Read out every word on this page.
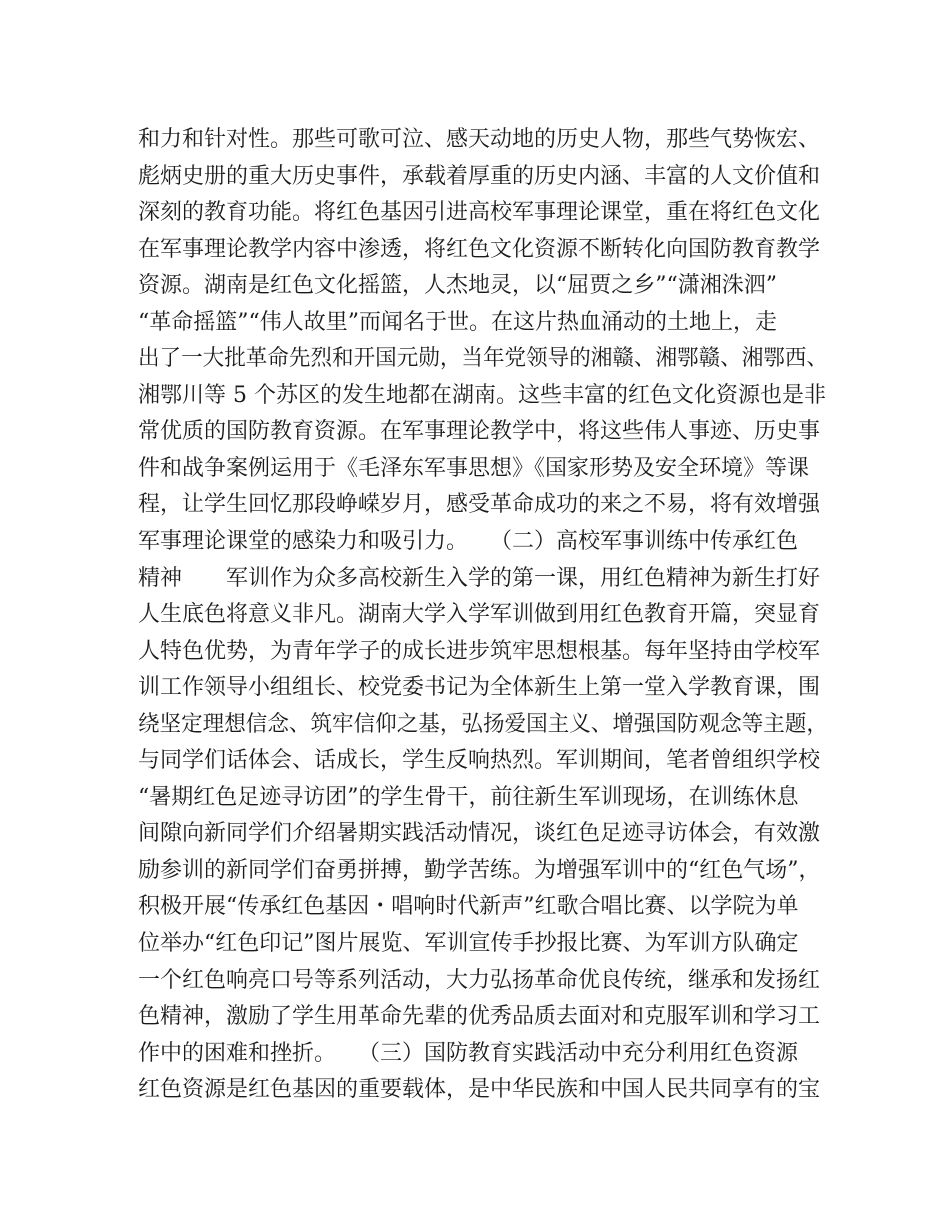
和力和针对性。那些可歌可泣、感天动地的历史人物，那些气势恢宏、
彪炳史册的重大历史事件，承载着厚重的历史内涵、丰富的人文价值和
深刻的教育功能。将红色基因引进高校军事理论课堂，重在将红色文化
在军事理论教学内容中渗透，将红色文化资源不断转化向国防教育教学
资源。湖南是红色文化摇篮，人杰地灵，以“屈贾之乡”“潇湘洙泗”
“革命摇篮”“伟人故里”而闻名于世。在这片热血涌动的土地上，走
出了一大批革命先烈和开国元勋，当年党领导的湘赣、湘鄂赣、湘鄂西、
湘鄂川等 5 个苏区的发生地都在湖南。这些丰富的红色文化资源也是非
常优质的国防教育资源。在军事理论教学中，将这些伟人事迹、历史事
件和战争案例运用于《毛泽东军事思想》《国家形势及安全环境》等课
程，让学生回忆那段峥嵘岁月，感受革命成功的来之不易，将有效增强
军事理论课堂的感染力和吸引力。　　（二）高校军事训练中传承红色
精神　　军训作为众多高校新生入学的第一课，用红色精神为新生打好
人生底色将意义非凡。湖南大学入学军训做到用红色教育开篇，突显育
人特色优势，为青年学子的成长进步筑牢思想根基。每年坚持由学校军
训工作领导小组组长、校党委书记为全体新生上第一堂入学教育课，围
绕坚定理想信念、筑牢信仰之基，弘扬爱国主义、增强国防观念等主题，
与同学们话体会、话成长，学生反响热烈。军训期间，笔者曾组织学校
“暑期红色足迹寻访团”的学生骨干，前往新生军训现场，在训练休息
间隙向新同学们介绍暑期实践活动情况，谈红色足迹寻访体会，有效激
励参训的新同学们奋勇拼搏，勤学苦练。为增强军训中的“红色气场”，
积极开展“传承红色基因・唱响时代新声”红歌合唱比赛、以学院为单
位举办“红色印记”图片展览、军训宣传手抄报比赛、为军训方队确定
一个红色响亮口号等系列活动，大力弘扬革命优良传统，继承和发扬红
色精神，激励了学生用革命先辈的优秀品质去面对和克服军训和学习工
作中的困难和挫折。　　（三）国防教育实践活动中充分利用红色资源
红色资源是红色基因的重要载体，是中华民族和中国人民共同享有的宝
